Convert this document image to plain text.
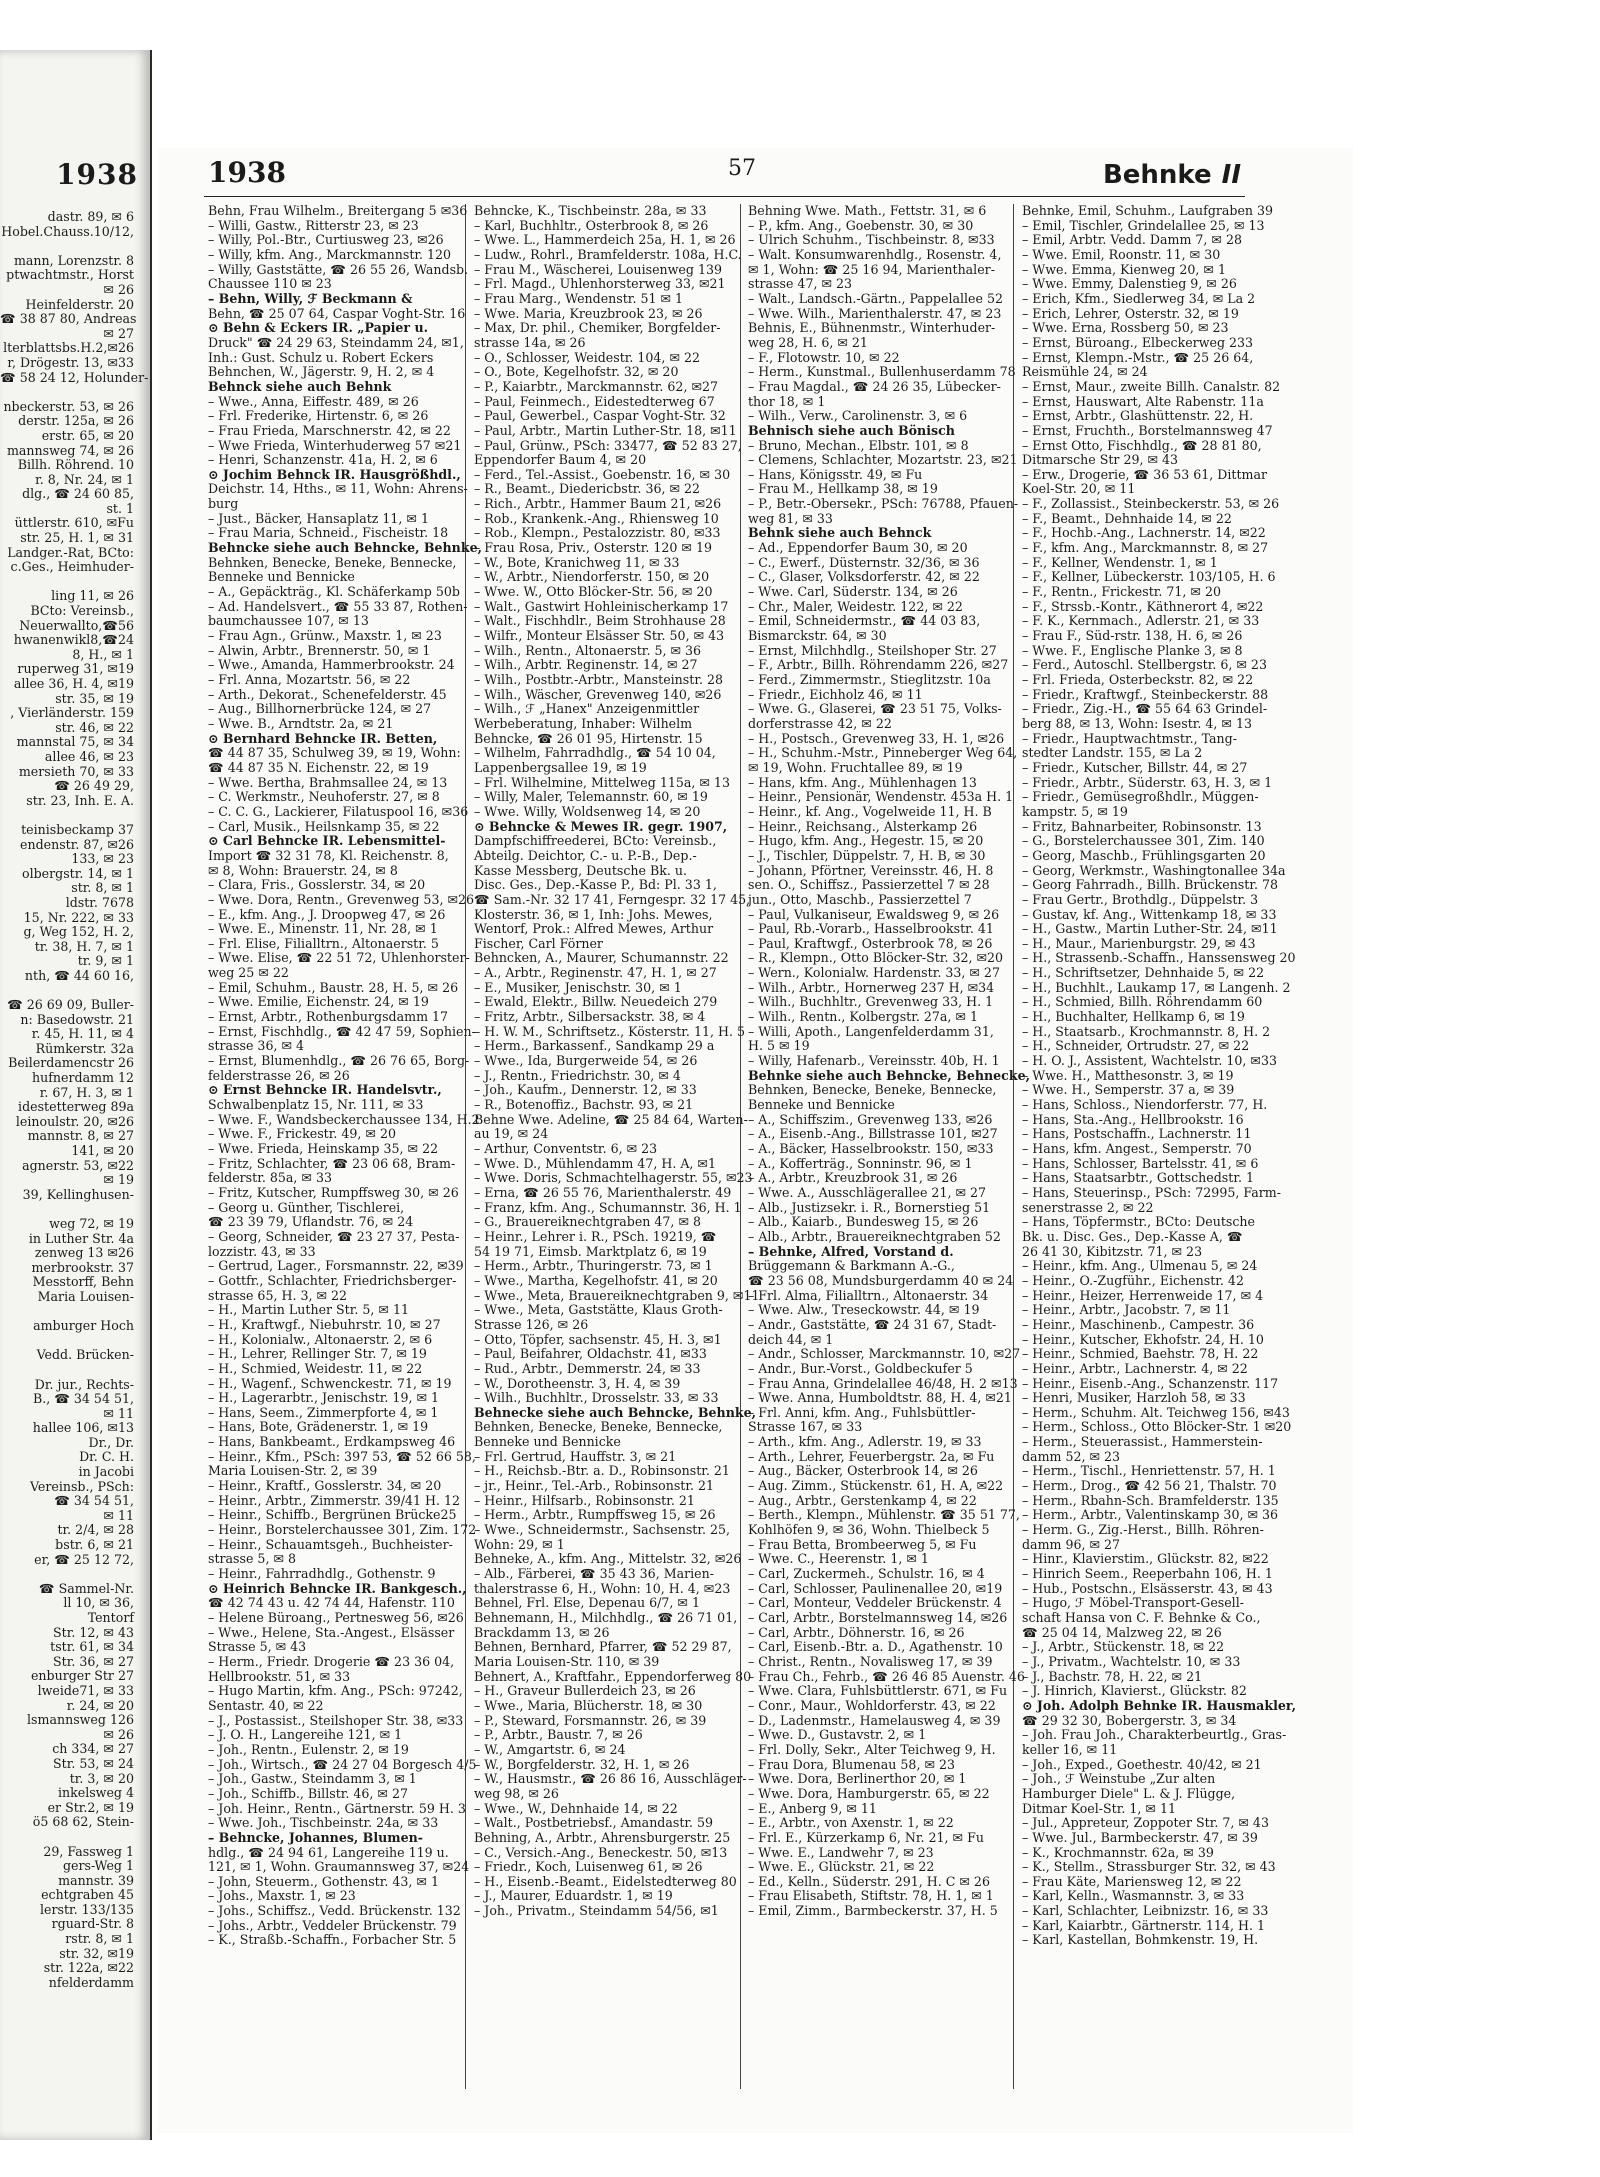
1938
dastr. 89, ✉ 6
Hobel.Chauss.10/12,

mann, Lorenzstr. 8
ptwachtmstr., Horst
✉ 26
Heinfelderstr. 20
☎ 38 87 80, Andreas
✉ 27
lterblattsbs.H.2,✉26
r, Drögestr. 13, ✉33
☎ 58 24 12, Holunder-

nbeckerstr. 53, ✉ 26
derstr. 125a, ✉ 26
erstr. 65, ✉ 20
mannsweg 74, ✉ 26
Billh. Röhrend. 10
r. 8, Nr. 24, ✉ 1
dlg., ☎ 24 60 85,
st. 1
üttlerstr. 610, ✉Fu
str. 25, H. 1, ✉ 31
Landger.-Rat, BCto:
c.Ges., Heimhuder-

ling 11, ✉ 26
BCto: Vereinsb.,
Neuerwallto,☎56
hwanenwikl8,☎24
8, H., ✉ 1
ruperweg 31, ✉19
allee 36, H. 4, ✉19
str. 35, ✉ 19
, Vierländerstr. 159
str. 46, ✉ 22
mannstal 75, ✉ 34
allee 46, ✉ 23
mersieth 70, ✉ 33
☎ 26 49 29,
str. 23, Inh. E. A.

teinisbeckamp 37
endenstr. 87, ✉26
133, ✉ 23
olbergstr. 14, ✉ 1
str. 8, ✉ 1
ldstr. 7678
15, Nr. 222, ✉ 33
g, Weg 152, H. 2,
tr. 38, H. 7, ✉ 1
tr. 9, ✉ 1
nth, ☎ 44 60 16,

☎ 26 69 09, Buller-
n: Basedowstr. 21
r. 45, H. 11, ✉ 4
Rümkerstr. 32a
Beilerdamencstr 26
hufnerdamm 12
r. 67, H. 3, ✉ 1
idestetterweg 89a
leinoulstr. 20, ✉26
mannstr. 8, ✉ 27
141, ✉ 20
agnerstr. 53, ✉22
✉ 19
39, Kellinghusen-

weg 72, ✉ 19
in Luther Str. 4a
zenweg 13 ✉26
merbrookstr. 37
Messtorff, Behn
Maria Louisen-

amburger Hoch

Vedd. Brücken-

Dr. jur., Rechts-
B., ☎ 34 54 51,
✉ 11
hallee 106, ✉13
Dr., Dr.
Dr. C. H.
in Jacobi
Vereinsb., PSch:
☎ 34 54 51,
✉ 11
tr. 2/4, ✉ 28
bstr. 6, ✉ 21
er, ☎ 25 12 72,

☎ Sammel-Nr.
ll 10, ✉ 36,
Tentorf
Str. 12, ✉ 43
tstr. 61, ✉ 34
Str. 36, ✉ 27
enburger Str 27
lweide71, ✉ 33
r. 24, ✉ 20
lsmannsweg 126
✉ 26
ch 334, ✉ 27
Str. 53, ✉ 24
tr. 3, ✉ 20
inkelsweg 4
er Str.2, ✉ 19
ö5 68 62, Stein-

29, Fassweg 1
gers-Weg 1
mannstr. 39
echtgraben 45
lerstr. 133/135
rguard-Str. 8
rstr. 8, ✉ 1
str. 32, ✉19
str. 122a, ✉22
nfelderdamm
1938	57	Behnke II
Behn, Frau Wilhelm., Breitergang 5 ✉36
– Willi, Gastw., Ritterstr 23, ✉ 23
– Willy, Pol.-Btr., Curtiusweg 23, ✉26
– Willy, kfm. Ang., Marckmannstr. 120
– Willy, Gaststätte, ☎ 26 55 26, Wandsb.
Chaussee 110 ✉ 23
– Behn, Willy, ℱ Beckmann &
Behn, ☎ 25 07 64, Caspar Voght-Str. 16
⊙ Behn & Eckers IR. „Papier u.
Druck" ☎ 24 29 63, Steindamm 24, ✉1,
Inh.: Gust. Schulz u. Robert Eckers
Behnchen, W., Jägerstr. 9, H. 2, ✉ 4
Behnck siehe auch Behnk
– Wwe., Anna, Eiffestr. 489, ✉ 26
– Frl. Frederike, Hirtenstr. 6, ✉ 26
– Frau Frieda, Marschnerstr. 42, ✉ 22
– Wwe Frieda, Winterhuderweg 57 ✉21
– Henri, Schanzenstr. 41a, H. 2, ✉ 6
⊙ Jochim Behnck IR. Hausgrößhdl.,
Deichstr. 14, Hths., ✉ 11, Wohn: Ahrens-
burg
– Just., Bäcker, Hansaplatz 11, ✉ 1
– Frau Maria, Schneid., Fischeistr. 18
Behncke siehe auch Behncke, Behnke,
Behnken, Benecke, Beneke, Bennecke,
Benneke und Bennicke
– A., Gepäckträg., Kl. Schäferkamp 50b
– Ad. Handelsvert., ☎ 55 33 87, Rothen-
baumchaussee 107, ✉ 13
– Frau Agn., Grünw., Maxstr. 1, ✉ 23
– Alwin, Arbtr., Brennerstr. 50, ✉ 1
– Wwe., Amanda, Hammerbrookstr. 24
– Frl. Anna, Mozartstr. 56, ✉ 22
– Arth., Dekorat., Schenefelderstr. 45
– Aug., Billhornerbrücke 124, ✉ 27
– Wwe. B., Arndtstr. 2a, ✉ 21
⊙ Bernhard Behncke IR. Betten,
☎ 44 87 35, Schulweg 39, ✉ 19, Wohn:
☎ 44 87 35 N. Eichenstr. 22, ✉ 19
– Wwe. Bertha, Brahmsallee 24, ✉ 13
– C. Werkmstr., Neuhoferstr. 27, ✉ 8
– C. C. G., Lackierer, Filatuspool 16, ✉36
– Carl, Musik., Heilsnkamp 35, ✉ 22
⊙ Carl Behncke IR. Lebensmittel-
Import ☎ 32 31 78, Kl. Reichenstr. 8,
✉ 8, Wohn: Brauerstr. 24, ✉ 8
– Clara, Fris., Gosslerstr. 34, ✉ 20
– Wwe. Dora, Rentn., Grevenweg 53, ✉26
– E., kfm. Ang., J. Droopweg 47, ✉ 26
– Wwe. E., Minenstr. 11, Nr. 28, ✉ 1
– Frl. Elise, Filialltrn., Altonaerstr. 5
– Wwe. Elise, ☎ 22 51 72, Uhlenhorster-
weg 25 ✉ 22
– Emil, Schuhm., Baustr. 28, H. 5, ✉ 26
– Wwe. Emilie, Eichenstr. 24, ✉ 19
– Ernst, Arbtr., Rothenburgsdamm 17
– Ernst, Fischhdlg., ☎ 42 47 59, Sophien-
strasse 36, ✉ 4
– Ernst, Blumenhdlg., ☎ 26 76 65, Borg-
felderstrasse 26, ✉ 26
⊙ Ernst Behncke IR. Handelsvtr.,
Schwalbenplatz 15, Nr. 111, ✉ 33
– Wwe. F., Wandsbeckerchaussee 134, H.2
– Wwe. F., Frickestr. 49, ✉ 20
– Wwe. Frieda, Heinskamp 35, ✉ 22
– Fritz, Schlachter, ☎ 23 06 68, Bram-
felderstr. 85a, ✉ 33
– Fritz, Kutscher, Rumpffsweg 30, ✉ 26
– Georg u. Günther, Tischlerei,
☎ 23 39 79, Uflandstr. 76, ✉ 24
– Georg, Schneider, ☎ 23 27 37, Pesta-
lozzistr. 43, ✉ 33
– Gertrud, Lager., Forsmannstr. 22, ✉39
– Gottfr., Schlachter, Friedrichsberger-
strasse 65, H. 3, ✉ 22
– H., Martin Luther Str. 5, ✉ 11
– H., Kraftwgf., Niebuhrstr. 10, ✉ 27
– H., Kolonialw., Altonaerstr. 2, ✉ 6
– H., Lehrer, Rellinger Str. 7, ✉ 19
– H., Schmied, Weidestr. 11, ✉ 22
– H., Wagenf., Schwenckestr. 71, ✉ 19
– H., Lagerarbtr., Jenischstr. 19, ✉ 1
– Hans, Seem., Zimmerpforte 4, ✉ 1
– Hans, Bote, Grädenerstr. 1, ✉ 19
– Hans, Bankbeamt., Erdkampsweg 46
– Heinr., Kfm., PSch: 397 53, ☎ 52 66 58,
Maria Louisen-Str. 2, ✉ 39
– Heinr., Kraftf., Gosslerstr. 34, ✉ 20
– Heinr., Arbtr., Zimmerstr. 39/41 H. 12
– Heinr., Schiffb., Bergrünen Brücke25
– Heinr., Borstelerchaussee 301, Zim. 172
– Heinr., Schauamtsgeh., Buchheister-
strasse 5, ✉ 8
– Heinr., Fahrradhdlg., Gothenstr. 9
⊙ Heinrich Behncke IR. Bankgesch.,
☎ 42 74 43 u. 42 74 44, Hafenstr. 110
– Helene Büroang., Pertnesweg 56, ✉26
– Wwe., Helene, Sta.-Angest., Elsässer
Strasse 5, ✉ 43
– Herm., Friedr. Drogerie ☎ 23 36 04,
Hellbrookstr. 51, ✉ 33
– Hugo Martin, kfm. Ang., PSch: 97242,
Sentastr. 40, ✉ 22
– J., Postassist., Steilshoper Str. 38, ✉33
– J. O. H., Langereihe 121, ✉ 1
– Joh., Rentn., Eulenstr. 2, ✉ 19
– Joh., Wirtsch., ☎ 24 27 04 Borgesch 4/5
– Joh., Gastw., Steindamm 3, ✉ 1
– Joh., Schiffb., Billstr. 46, ✉ 27
– Joh. Heinr., Rentn., Gärtnerstr. 59 H. 3
– Wwe. Joh., Tischbeinstr. 24a, ✉ 33
– Behncke, Johannes, Blumen-
hdlg., ☎ 24 94 61, Langereihe 119 u.
121, ✉ 1, Wohn. Graumannsweg 37, ✉24
– John, Steuerm., Gothenstr. 43, ✉ 1
– Johs., Maxstr. 1, ✉ 23
– Johs., Schiffsz., Vedd. Brückenstr. 132
– Johs., Arbtr., Veddeler Brückenstr. 79
– K., Straßb.-Schaffn., Forbacher Str. 5
Behncke, K., Tischbeinstr. 28a, ✉ 33
– Karl, Buchhltr., Osterbrook 8, ✉ 26
– Wwe. L., Hammerdeich 25a, H. 1, ✉ 26
– Ludw., Rohrl., Bramfelderstr. 108a, H.C.
– Frau M., Wäscherei, Louisenweg 139
– Frl. Magd., Uhlenhorsterweg 33, ✉21
– Frau Marg., Wendenstr. 51 ✉ 1
– Wwe. Maria, Kreuzbrook 23, ✉ 26
– Max, Dr. phil., Chemiker, Borgfelder-
strasse 14a, ✉ 26
– O., Schlosser, Weidestr. 104, ✉ 22
– O., Bote, Kegelhofstr. 32, ✉ 20
– P., Kaiarbtr., Marckmannstr. 62, ✉27
– Paul, Feinmech., Eidestedterweg 67
– Paul, Gewerbel., Caspar Voght-Str. 32
– Paul, Arbtr., Martin Luther-Str. 18, ✉11
– Paul, Grünw., PSch: 33477, ☎ 52 83 27,
Eppendorfer Baum 4, ✉ 20
– Ferd., Tel.-Assist., Goebenstr. 16, ✉ 30
– R., Beamt., Diedericbstr. 36, ✉ 22
– Rich., Arbtr., Hammer Baum 21, ✉26
– Rob., Krankenk.-Ang., Rhiensweg 10
– Rob., Klempn., Pestalozzistr. 80, ✉33
– Frau Rosa, Priv., Osterstr. 120 ✉ 19
– W., Bote, Kranichweg 11, ✉ 33
– W., Arbtr., Niendorferstr. 150, ✉ 20
– Wwe. W., Otto Blöcker-Str. 56, ✉ 20
– Walt., Gastwirt Hohleinischerkamp 17
– Walt., Fischhdlr., Beim Strohhause 28
– Wilfr., Monteur Elsässer Str. 50, ✉ 43
– Wilh., Rentn., Altonaerstr. 5, ✉ 36
– Wilh., Arbtr. Reginenstr. 14, ✉ 27
– Wilh., Postbtr.-Arbtr., Mansteinstr. 28
– Wilh., Wäscher, Grevenweg 140, ✉26
– Wilh., ℱ „Hanex" Anzeigenmittler
Werbeberatung, Inhaber: Wilhelm
Behncke, ☎ 26 01 95, Hirtenstr. 15
– Wilhelm, Fahrradhdlg., ☎ 54 10 04,
Lappenbergsallee 19, ✉ 19
– Frl. Wilhelmine, Mittelweg 115a, ✉ 13
– Willy, Maler, Telemannstr. 60, ✉ 19
– Wwe. Willy, Woldsenweg 14, ✉ 20
⊙ Behncke & Mewes IR. gegr. 1907,
Dampfschiffreederei, BCto: Vereinsb.,
Abteilg. Deichtor, C.- u. P.-B., Dep.-
Kasse Messberg, Deutsche Bk. u.
Disc. Ges., Dep.-Kasse P., Bd: Pl. 33 1,
☎ Sam.-Nr. 32 17 41, Ferngespr. 32 17 45,
Klosterstr. 36, ✉ 1, Inh: Johs. Mewes,
Wentorf, Prok.: Alfred Mewes, Arthur
Fischer, Carl Förner
Behncken, A., Maurer, Schumannstr. 22
– A., Arbtr., Reginenstr. 47, H. 1, ✉ 27
– E., Musiker, Jenischstr. 30, ✉ 1
– Ewald, Elektr., Billw. Neuedeich 279
– Fritz, Arbtr., Silbersackstr. 38, ✉ 4
– H. W. M., Schriftsetz., Kösterstr. 11, H. 5
– Herm., Barkassenf., Sandkamp 29 a
– Wwe., Ida, Burgerweide 54, ✉ 26
– J., Rentn., Friedrichstr. 30, ✉ 4
– Joh., Kaufm., Dennerstr. 12, ✉ 33
– R., Botenoffiz., Bachstr. 93, ✉ 21
Behne Wwe. Adeline, ☎ 25 84 64, Warten-
au 19, ✉ 24
– Arthur, Conventstr. 6, ✉ 23
– Wwe. D., Mühlendamm 47, H. A, ✉1
– Wwe. Doris, Schmachtelhagerstr. 55, ✉23
– Erna, ☎ 26 55 76, Marienthalerstr. 49
– Franz, kfm. Ang., Schumannstr. 36, H. 1
– G., Brauereiknechtgraben 47, ✉ 8
– Heinr., Lehrer i. R., PSch. 19219, ☎
54 19 71, Eimsb. Marktplatz 6, ✉ 19
– Herm., Arbtr., Thuringerstr. 73, ✉ 1
– Wwe., Martha, Kegelhofstr. 41, ✉ 20
– Wwe., Meta, Brauereiknechtgraben 9, ✉11
– Wwe., Meta, Gaststätte, Klaus Groth-
Strasse 126, ✉ 26
– Otto, Töpfer, sachsenstr. 45, H. 3, ✉1
– Paul, Beifahrer, Oldachstr. 41, ✉33
– Rud., Arbtr., Demmerstr. 24, ✉ 33
– W., Dorotheenstr. 3, H. 4, ✉ 39
– Wilh., Buchhltr., Drosselstr. 33, ✉ 33
Behnecke siehe auch Behncke, Behnke,
Behnken, Benecke, Beneke, Bennecke,
Benneke und Bennicke
– Frl. Gertrud, Hauffstr. 3, ✉ 21
– H., Reichsb.-Btr. a. D., Robinsonstr. 21
– jr., Heinr., Tel.-Arb., Robinsonstr. 21
– Heinr., Hilfsarb., Robinsonstr. 21
– Herm., Arbtr., Rumpffsweg 15, ✉ 26
– Wwe., Schneidermstr., Sachsenstr. 25,
Wohn: 29, ✉ 1
Behneke, A., kfm. Ang., Mittelstr. 32, ✉26
– Alb., Färberei, ☎ 35 43 36, Marien-
thalerstrasse 6, H., Wohn: 10, H. 4, ✉23
Behnel, Frl. Else, Depenau 6/7, ✉ 1
Behnemann, H., Milchhdlg., ☎ 26 71 01,
Brackdamm 13, ✉ 26
Behnen, Bernhard, Pfarrer, ☎ 52 29 87,
Maria Louisen-Str. 110, ✉ 39
Behnert, A., Kraftfahr., Eppendorferweg 80
– H., Graveur Bullerdeich 23, ✉ 26
– Wwe., Maria, Blücherstr. 18, ✉ 30
– P., Steward, Forsmannstr. 26, ✉ 39
– P., Arbtr., Baustr. 7, ✉ 26
– W., Amgartstr. 6, ✉ 24
– W., Borgfelderstr. 32, H. 1, ✉ 26
– W., Hausmstr., ☎ 26 86 16, Ausschläger-
weg 98, ✉ 26
– Wwe., W., Dehnhaide 14, ✉ 22
– Walt., Postbetriebsf., Amandastr. 59
Behning, A., Arbtr., Ahrensburgerstr. 25
– C., Versich.-Ang., Beneckestr. 50, ✉13
– Friedr., Koch, Luisenweg 61, ✉ 26
– H., Eisenb.-Beamt., Eidelstedterweg 80
– J., Maurer, Eduardstr. 1, ✉ 19
– Joh., Privatm., Steindamm 54/56, ✉1
Behning Wwe. Math., Fettstr. 31, ✉ 6
– P., kfm. Ang., Goebenstr. 30, ✉ 30
– Ulrich Schuhm., Tischbeinstr. 8, ✉33
– Walt. Konsumwarenhdlg., Rosenstr. 4,
✉ 1, Wohn: ☎ 25 16 94, Marienthaler-
strasse 47, ✉ 23
– Walt., Landsch.-Gärtn., Pappelallee 52
– Wwe. Wilh., Marienthalerstr. 47, ✉ 23
Behnis, E., Bühnenmstr., Winterhuder-
weg 28, H. 6, ✉ 21
– F., Flotowstr. 10, ✉ 22
– Herm., Kunstmal., Bullenhuserdamm 78
– Frau Magdal., ☎ 24 26 35, Lübecker-
thor 18, ✉ 1
– Wilh., Verw., Carolinenstr. 3, ✉ 6
Behnisch siehe auch Bönisch
– Bruno, Mechan., Elbstr. 101, ✉ 8
– Clemens, Schlachter, Mozartstr. 23, ✉21
– Hans, Königsstr. 49, ✉ Fu
– Frau M., Hellkamp 38, ✉ 19
– P., Betr.-Obersekr., PSch: 76788, Pfauen-
weg 81, ✉ 33
Behnk siehe auch Behnck
– Ad., Eppendorfer Baum 30, ✉ 20
– C., Ewerf., Düsternstr. 32/36, ✉ 36
– C., Glaser, Volksdorferstr. 42, ✉ 22
– Wwe. Carl, Süderstr. 134, ✉ 26
– Chr., Maler, Weidestr. 122, ✉ 22
– Emil, Schneidermstr., ☎ 44 03 83,
Bismarckstr. 64, ✉ 30
– Ernst, Milchhdlg., Steilshoper Str. 27
– F., Arbtr., Billh. Röhrendamm 226, ✉27
– Ferd., Zimmermstr., Stieglitzstr. 10a
– Friedr., Eichholz 46, ✉ 11
– Wwe. G., Glaserei, ☎ 23 51 75, Volks-
dorferstrasse 42, ✉ 22
– H., Postsch., Grevenweg 33, H. 1, ✉26
– H., Schuhm.-Mstr., Pinneberger Weg 64,
✉ 19, Wohn. Fruchtallee 89, ✉ 19
– Hans, kfm. Ang., Mühlenhagen 13
– Heinr., Pensionär, Wendenstr. 453a H. 1
– Heinr., kf. Ang., Vogelweide 11, H. B
– Heinr., Reichsang., Alsterkamp 26
– Hugo, kfm. Ang., Hegestr. 15, ✉ 20
– J., Tischler, Düppelstr. 7, H. B, ✉ 30
– Johann, Pförtner, Vereinsstr. 46, H. 8
sen. O., Schiffsz., Passierzettel 7 ✉ 28
jun., Otto, Maschb., Passierzettel 7
– Paul, Vulkaniseur, Ewaldsweg 9, ✉ 26
– Paul, Rb.-Vorarb., Hasselbrookstr. 41
– Paul, Kraftwgf., Osterbrook 78, ✉ 26
– R., Klempn., Otto Blöcker-Str. 32, ✉20
– Wern., Kolonialw. Hardenstr. 33, ✉ 27
– Wilh., Arbtr., Hornerweg 237 H, ✉34
– Wilh., Buchhltr., Grevenweg 33, H. 1
– Wilh., Rentn., Kolbergstr. 27a, ✉ 1
– Willi, Apoth., Langenfelderdamm 31,
H. 5 ✉ 19
– Willy, Hafenarb., Vereinsstr. 40b, H. 1
Behnke siehe auch Behncke, Behnecke,
Behnken, Benecke, Beneke, Bennecke,
Benneke und Bennicke
– A., Schiffszim., Grevenweg 133, ✉26
– A., Eisenb.-Ang., Billstrasse 101, ✉27
– A., Bäcker, Hasselbrookstr. 150, ✉33
– A., Kofferträg., Sonninstr. 96, ✉ 1
– A., Arbtr., Kreuzbrook 31, ✉ 26
– Wwe. A., Ausschlägerallee 21, ✉ 27
– Alb., Justizsekr. i. R., Bornerstieg 51
– Alb., Kaiarb., Bundesweg 15, ✉ 26
– Alb., Arbtr., Brauereiknechtgraben 52
– Behnke, Alfred, Vorstand d.
Brüggemann & Barkmann A.-G.,
☎ 23 56 08, Mundsburgerdamm 40 ✉ 24
– Frl. Alma, Filialltrn., Altonaerstr. 34
– Wwe. Alw., Treseckowstr. 44, ✉ 19
– Andr., Gaststätte, ☎ 24 31 67, Stadt-
deich 44, ✉ 1
– Andr., Schlosser, Marckmannstr. 10, ✉27
– Andr., Bur.-Vorst., Goldbeckufer 5
– Frau Anna, Grindelallee 46/48, H. 2 ✉13
– Wwe. Anna, Humboldtstr. 88, H. 4, ✉21
– Frl. Anni, kfm. Ang., Fuhlsbüttler-
Strasse 167, ✉ 33
– Arth., kfm. Ang., Adlerstr. 19, ✉ 33
– Arth., Lehrer, Feuerbergstr. 2a, ✉ Fu
– Aug., Bäcker, Osterbrook 14, ✉ 26
– Aug. Zimm., Stückenstr. 61, H. A, ✉22
– Aug., Arbtr., Gerstenkamp 4, ✉ 22
– Berth., Klempn., Mühlenstr. ☎ 35 51 77,
Kohlhöfen 9, ✉ 36, Wohn. Thielbeck 5
– Frau Betta, Brombeerweg 5, ✉ Fu
– Wwe. C., Heerenstr. 1, ✉ 1
– Carl, Zuckermeh., Schulstr. 16, ✉ 4
– Carl, Schlosser, Paulinenallee 20, ✉19
– Carl, Monteur, Veddeler Brückenstr. 4
– Carl, Arbtr., Borstelmannsweg 14, ✉26
– Carl, Arbtr., Döhnerstr. 16, ✉ 26
– Carl, Eisenb.-Btr. a. D., Agathenstr. 10
– Christ., Rentn., Novalisweg 17, ✉ 39
– Frau Ch., Fehrb., ☎ 26 46 85 Auenstr. 46
– Wwe. Clara, Fuhlsbüttlerstr. 671, ✉ Fu
– Conr., Maur., Wohldorferstr. 43, ✉ 22
– D., Ladenmstr., Hamelausweg 4, ✉ 39
– Wwe. D., Gustavstr. 2, ✉ 1
– Frl. Dolly, Sekr., Alter Teichweg 9, H.
– Frau Dora, Blumenau 58, ✉ 23
– Wwe. Dora, Berlinerthor 20, ✉ 1
– Wwe. Dora, Hamburgerstr. 65, ✉ 22
– E., Anberg 9, ✉ 11
– E., Arbtr., von Axenstr. 1, ✉ 22
– Frl. E., Kürzerkamp 6, Nr. 21, ✉ Fu
– Wwe. E., Landwehr 7, ✉ 23
– Wwe. E., Glückstr. 21, ✉ 22
– Ed., Kelln., Süderstr. 291, H. C ✉ 26
– Frau Elisabeth, Stiftstr. 78, H. 1, ✉ 1
– Emil, Zimm., Barmbeckerstr. 37, H. 5
Behnke, Emil, Schuhm., Laufgraben 39
– Emil, Tischler, Grindelallee 25, ✉ 13
– Emil, Arbtr. Vedd. Damm 7, ✉ 28
– Wwe. Emil, Roonstr. 11, ✉ 30
– Wwe. Emma, Kienweg 20, ✉ 1
– Wwe. Emmy, Dalenstieg 9, ✉ 26
– Erich, Kfm., Siedlerweg 34, ✉ La 2
– Erich, Lehrer, Osterstr. 32, ✉ 19
– Wwe. Erna, Rossberg 50, ✉ 23
– Ernst, Büroang., Elbeckerweg 233
– Ernst, Klempn.-Mstr., ☎ 25 26 64,
Reismühle 24, ✉ 24
– Ernst, Maur., zweite Billh. Canalstr. 82
– Ernst, Hauswart, Alte Rabenstr. 11a
– Ernst, Arbtr., Glashüttenstr. 22, H.
– Ernst, Fruchth., Borstelmannsweg 47
– Ernst Otto, Fischhdlg., ☎ 28 81 80,
Ditmarsche Str 29, ✉ 43
– Erw., Drogerie, ☎ 36 53 61, Dittmar
Koel-Str. 20, ✉ 11
– F., Zollassist., Steinbeckerstr. 53, ✉ 26
– F., Beamt., Dehnhaide 14, ✉ 22
– F., Hochb.-Ang., Lachnerstr. 14, ✉22
– F., kfm. Ang., Marckmannstr. 8, ✉ 27
– F., Kellner, Wendenstr. 1, ✉ 1
– F., Kellner, Lübeckerstr. 103/105, H. 6
– F., Rentn., Frickestr. 71, ✉ 20
– F., Strssb.-Kontr., Käthnerort 4, ✉22
– F. K., Kernmach., Adlerstr. 21, ✉ 33
– Frau F., Süd-rstr. 138, H. 6, ✉ 26
– Wwe. F., Englische Planke 3, ✉ 8
– Ferd., Autoschl. Stellbergstr. 6, ✉ 23
– Frl. Frieda, Osterbeckstr. 82, ✉ 22
– Friedr., Kraftwgf., Steinbeckerstr. 88
– Friedr., Zig.-H., ☎ 55 64 63 Grindel-
berg 88, ✉ 13, Wohn: Isestr. 4, ✉ 13
– Friedr., Hauptwachtmstr., Tang-
stedter Landstr. 155, ✉ La 2
– Friedr., Kutscher, Billstr. 44, ✉ 27
– Friedr., Arbtr., Süderstr. 63, H. 3, ✉ 1
– Friedr., Gemüsegroßhdlr., Müggen-
kampstr. 5, ✉ 19
– Fritz, Bahnarbeiter, Robinsonstr. 13
– G., Borstelerchaussee 301, Zim. 140
– Georg, Maschb., Frühlingsgarten 20
– Georg, Werkmstr., Washingtonallee 34a
– Georg Fahrradh., Billh. Brückenstr. 78
– Frau Gertr., Brothdlg., Düppelstr. 3
– Gustav, kf. Ang., Wittenkamp 18, ✉ 33
– H., Gastw., Martin Luther-Str. 24, ✉11
– H., Maur., Marienburgstr. 29, ✉ 43
– H., Strassenb.-Schaffn., Hanssensweg 20
– H., Schriftsetzer, Dehnhaide 5, ✉ 22
– H., Buchhlt., Laukamp 17, ✉ Langenh. 2
– H., Schmied, Billh. Röhrendamm 60
– H., Buchhalter, Hellkamp 6, ✉ 19
– H., Staatsarb., Krochmannstr. 8, H. 2
– H., Schneider, Ortrudstr. 27, ✉ 22
– H. O. J., Assistent, Wachtelstr. 10, ✉33
– Wwe. H., Matthesonstr. 3, ✉ 19
– Wwe. H., Semperstr. 37 a, ✉ 39
– Hans, Schloss., Niendorferstr. 77, H.
– Hans, Sta.-Ang., Hellbrookstr. 16
– Hans, Postschaffn., Lachnerstr. 11
– Hans, kfm. Angest., Semperstr. 70
– Hans, Schlosser, Bartelsstr. 41, ✉ 6
– Hans, Staatsarbtr., Gottschedstr. 1
– Hans, Steuerinsp., PSch: 72995, Farm-
senerstrasse 2, ✉ 22
– Hans, Töpfermstr., BCto: Deutsche
Bk. u. Disc. Ges., Dep.-Kasse A, ☎
26 41 30, Kibitzstr. 71, ✉ 23
– Heinr., kfm. Ang., Ulmenau 5, ✉ 24
– Heinr., O.-Zugführ., Eichenstr. 42
– Heinr., Heizer, Herrenweide 17, ✉ 4
– Heinr., Arbtr., Jacobstr. 7, ✉ 11
– Heinr., Maschinenb., Campestr. 36
– Heinr., Kutscher, Ekhofstr. 24, H. 10
– Heinr., Schmied, Baehstr. 78, H. 22
– Heinr., Arbtr., Lachnerstr. 4, ✉ 22
– Heinr., Eisenb.-Ang., Schanzenstr. 117
– Henri, Musiker, Harzloh 58, ✉ 33
– Herm., Schuhm. Alt. Teichweg 156, ✉43
– Herm., Schloss., Otto Blöcker-Str. 1 ✉20
– Herm., Steuerassist., Hammerstein-
damm 52, ✉ 23
– Herm., Tischl., Henriettenstr. 57, H. 1
– Herm., Drog., ☎ 42 56 21, Thalstr. 70
– Herm., Rbahn-Sch. Bramfelderstr. 135
– Herm., Arbtr., Valentinskamp 30, ✉ 36
– Herm. G., Zig.-Herst., Billh. Röhren-
damm 96, ✉ 27
– Hinr., Klavierstim., Glückstr. 82, ✉22
– Hinrich Seem., Reeperbahn 106, H. 1
– Hub., Postschn., Elsässerstr. 43, ✉ 43
– Hugo, ℱ Möbel-Transport-Gesell-
schaft Hansa von C. F. Behnke & Co.,
☎ 25 04 14, Malzweg 22, ✉ 26
– J., Arbtr., Stückenstr. 18, ✉ 22
– J., Privatm., Wachtelstr. 10, ✉ 33
– J., Bachstr. 78, H. 22, ✉ 21
– J. Hinrich, Klavierst., Glückstr. 82
⊙ Joh. Adolph Behnke IR. Hausmakler,
☎ 29 32 30, Bobergerstr. 3, ✉ 34
– Joh. Frau Joh., Charakterbeurtlg., Gras-
keller 16, ✉ 11
– Joh., Exped., Goethestr. 40/42, ✉ 21
– Joh., ℱ Weinstube „Zur alten
Hamburger Diele" L. & J. Flügge,
Ditmar Koel-Str. 1, ✉ 11
– Jul., Appreteur, Zoppoter Str. 7, ✉ 43
– Wwe. Jul., Barmbeckerstr. 47, ✉ 39
– K., Krochmannstr. 62a, ✉ 39
– K., Stellm., Strassburger Str. 32, ✉ 43
– Frau Käte, Mariensweg 12, ✉ 22
– Karl, Kelln., Wasmannstr. 3, ✉ 33
– Karl, Schlachter, Leibnizstr. 16, ✉ 33
– Karl, Kaiarbtr., Gärtnerstr. 114, H. 1
– Karl, Kastellan, Bohmkenstr. 19, H.
